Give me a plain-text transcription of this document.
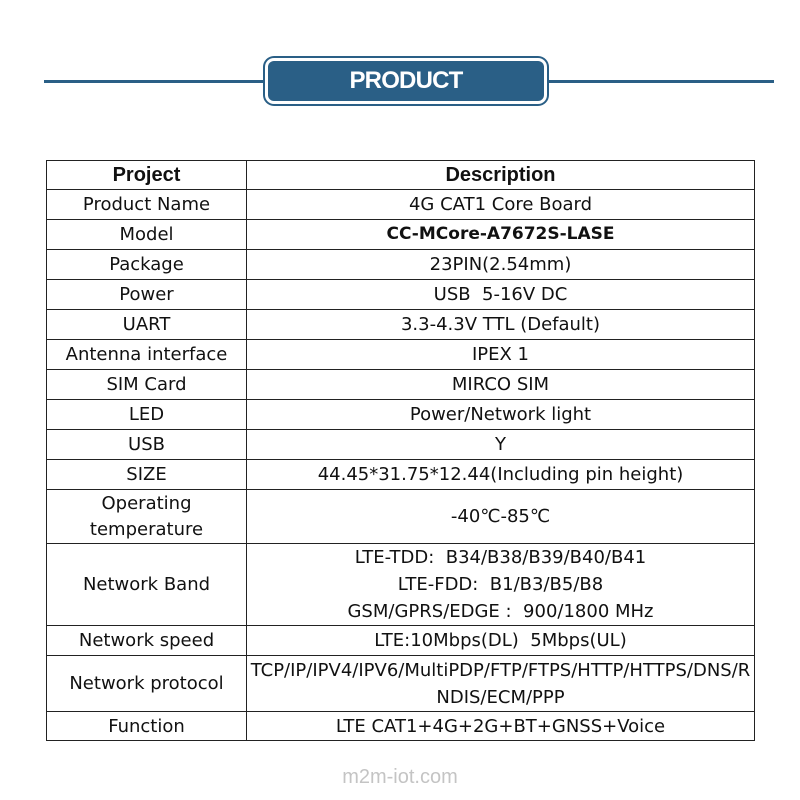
PRODUCT PARAMETERS
Project	Description
Product Name	4G CAT1 Core Board
Model	CC-MCore-A7672S-LASE
Package	23PIN(2.54mm)
Power	USB  5-16V DC
UART	3.3-4.3V TTL (Default)
Antenna interface	IPEX 1
SIM Card	MIRCO SIM
LED	Power/Network light
USB	Y
SIZE	44.45*31.75*12.44(Including pin height)

Operating
temperature	-40℃-85℃
Network Band	LTE-TDD:  B34/B38/B39/B40/B41
LTE-FDD:  B1/B3/B5/B8
GSM/GPRS/EDGE :  900/1800 MHz

Network speed	LTE:10Mbps(DL)  5Mbps(UL)
Network protocol	TCP/IP/IPV4/IPV6/MultiPDP/FTP/FTPS/HTTP/HTTPS/DNS/RNDIS/ECM/PPP
Function	LTE CAT1+4G+2G+BT+GNSS+Voice
m2m-iot.com
